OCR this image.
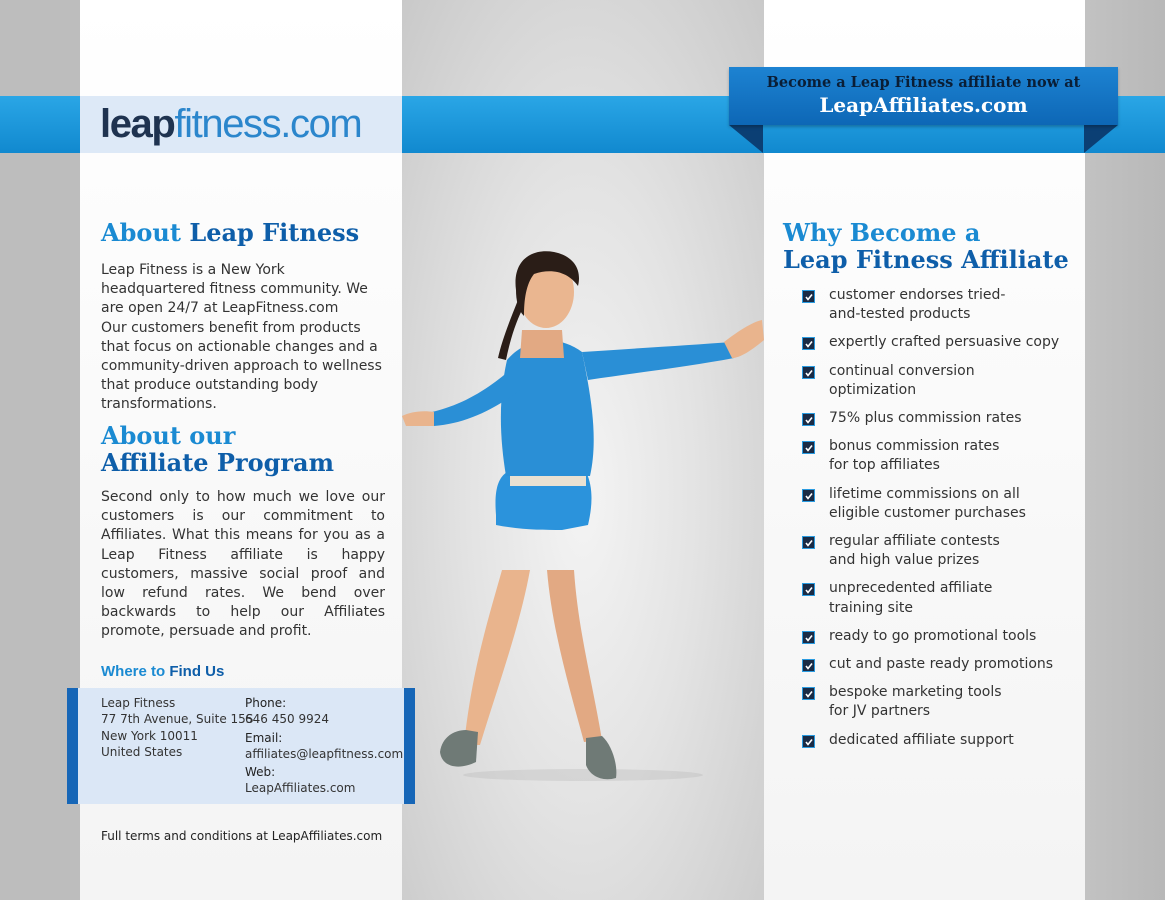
leapfitness.com
Become a Leap Fitness affiliate now at
LeapAffiliates.com
About Leap Fitness
Leap Fitness is a New York headquartered fitness community. We are open 24/7 at LeapFitness.com
Our customers benefit from products that focus on actionable changes and a community-driven approach to wellness that produce outstanding body transformations.
About our
Affiliate Program
Second only to how much we love our customers is our commitment to Affiliates. What this means for you as a Leap Fitness affiliate is happy customers, massive social proof and low refund rates. We bend over backwards to help our Affiliates promote, persuade and profit.
Where to Find Us
Leap Fitness
77 7th Avenue, Suite 15S
New York 10011
United States
Phone:
646 450 9924
Email:
affiliates@leapfitness.com
Web:
LeapAffiliates.com
Full terms and conditions at LeapAffiliates.com
Why Become a
Leap Fitness Affiliate
customer endorses tried-
and-tested products
expertly crafted persuasive copy
continual conversion
optimization
75% plus commission rates
bonus commission rates
for top affiliates
lifetime commissions on all
eligible customer purchases
regular affiliate contests
and high value prizes
unprecedented affiliate
training site
ready to go promotional tools
cut and paste ready promotions
bespoke marketing tools
for JV partners
dedicated affiliate support
